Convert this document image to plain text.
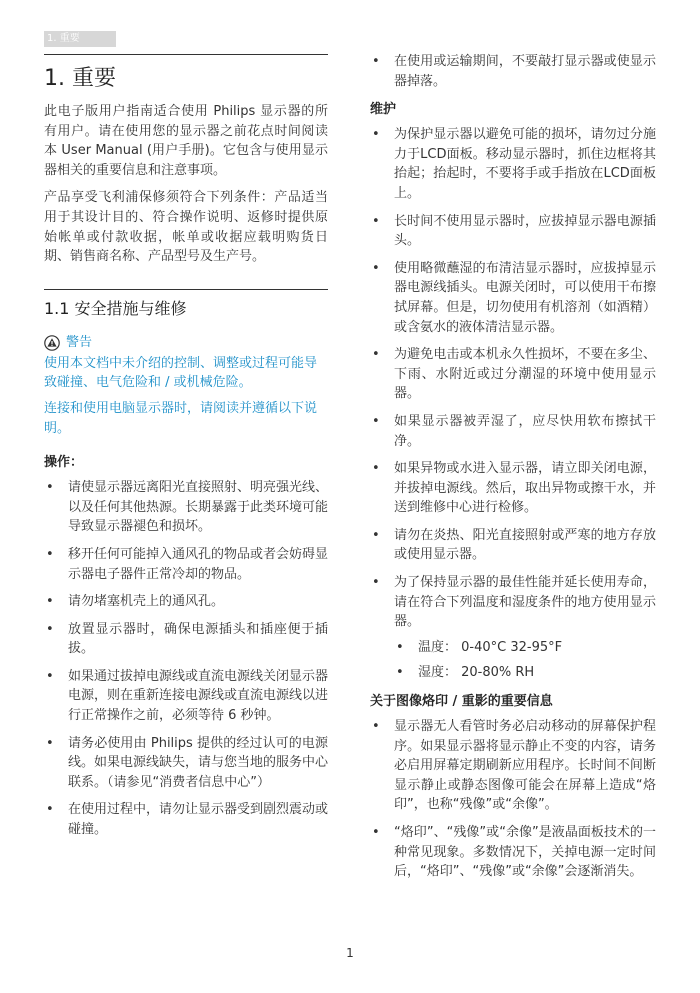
1. 重要
1. 重要

此电子版用户指南适合使用 Philips 显示器的所有用户。请在使用您的显示器之前花点时间阅读本 User Manual (用户手册)。它包含与使用显示器相关的重要信息和注意事项。

产品享受飞利浦保修须符合下列条件：产品适当用于其设计目的、符合操作说明、返修时提供原始帐单或付款收据，帐单或收据应载明购货日期、销售商名称、产品型号及生产号。

1.1 安全措施与维修
警告

使用本文档中未介绍的控制、调整或过程可能导致碰撞、电气危险和 / 或机械危险。

连接和使用电脑显示器时，请阅读并遵循以下说明。

操作：
• 请使显示器远离阳光直接照射、明亮强光线、以及任何其他热源。长期暴露于此类环境可能导致显示器褪色和损坏。
• 移开任何可能掉入通风孔的物品或者会妨碍显示器电子器件正常冷却的物品。
• 请勿堵塞机壳上的通风孔。
• 放置显示器时，确保电源插头和插座便于插拔。
• 如果通过拔掉电源线或直流电源线关闭显示器电源，则在重新连接电源线或直流电源线以进行正常操作之前，必须等待 6 秒钟。
• 请务必使用由 Philips 提供的经过认可的电源线。如果电源线缺失，请与您当地的服务中心联系。（请参见“消费者信息中心”）
• 在使用过程中，请勿让显示器受到剧烈震动或碰撞。
• 在使用或运输期间，不要敲打显示器或使显示器掉落。
维护
• 为保护显示器以避免可能的损坏，请勿过分施力于LCD面板。移动显示器时，抓住边框将其抬起；抬起时，不要将手或手指放在LCD面板上。
• 长时间不使用显示器时，应拔掉显示器电源插头。
• 使用略微蘸湿的布清洁显示器时，应拔掉显示器电源线插头。电源关闭时，可以使用干布擦拭屏幕。但是，切勿使用有机溶剂（如酒精）或含氨水的液体清洁显示器。
• 为避免电击或本机永久性损坏，不要在多尘、下雨、水附近或过分潮湿的环境中使用显示器。
• 如果显示器被弄湿了，应尽快用软布擦拭干净。
• 如果异物或水进入显示器，请立即关闭电源，并拔掉电源线。然后，取出异物或擦干水，并送到维修中心进行检修。
• 请勿在炎热、阳光直接照射或严寒的地方存放或使用显示器。
• 为了保持显示器的最佳性能并延长使用寿命，请在符合下列温度和湿度条件的地方使用显示器。
• 温度： 0-40°C 32-95°F
• 湿度： 20-80% RH
关于图像烙印 / 重影的重要信息
• 显示器无人看管时务必启动移动的屏幕保护程序。如果显示器将显示静止不变的内容，请务必启用屏幕定期刷新应用程序。长时间不间断显示静止或静态图像可能会在屏幕上造成“烙印”，也称“残像”或“余像”。
• “烙印”、“残像”或“余像”是液晶面板技术的一种常见现象。多数情况下，关掉电源一定时间后，“烙印”、“残像”或“余像”会逐渐消失。
1
